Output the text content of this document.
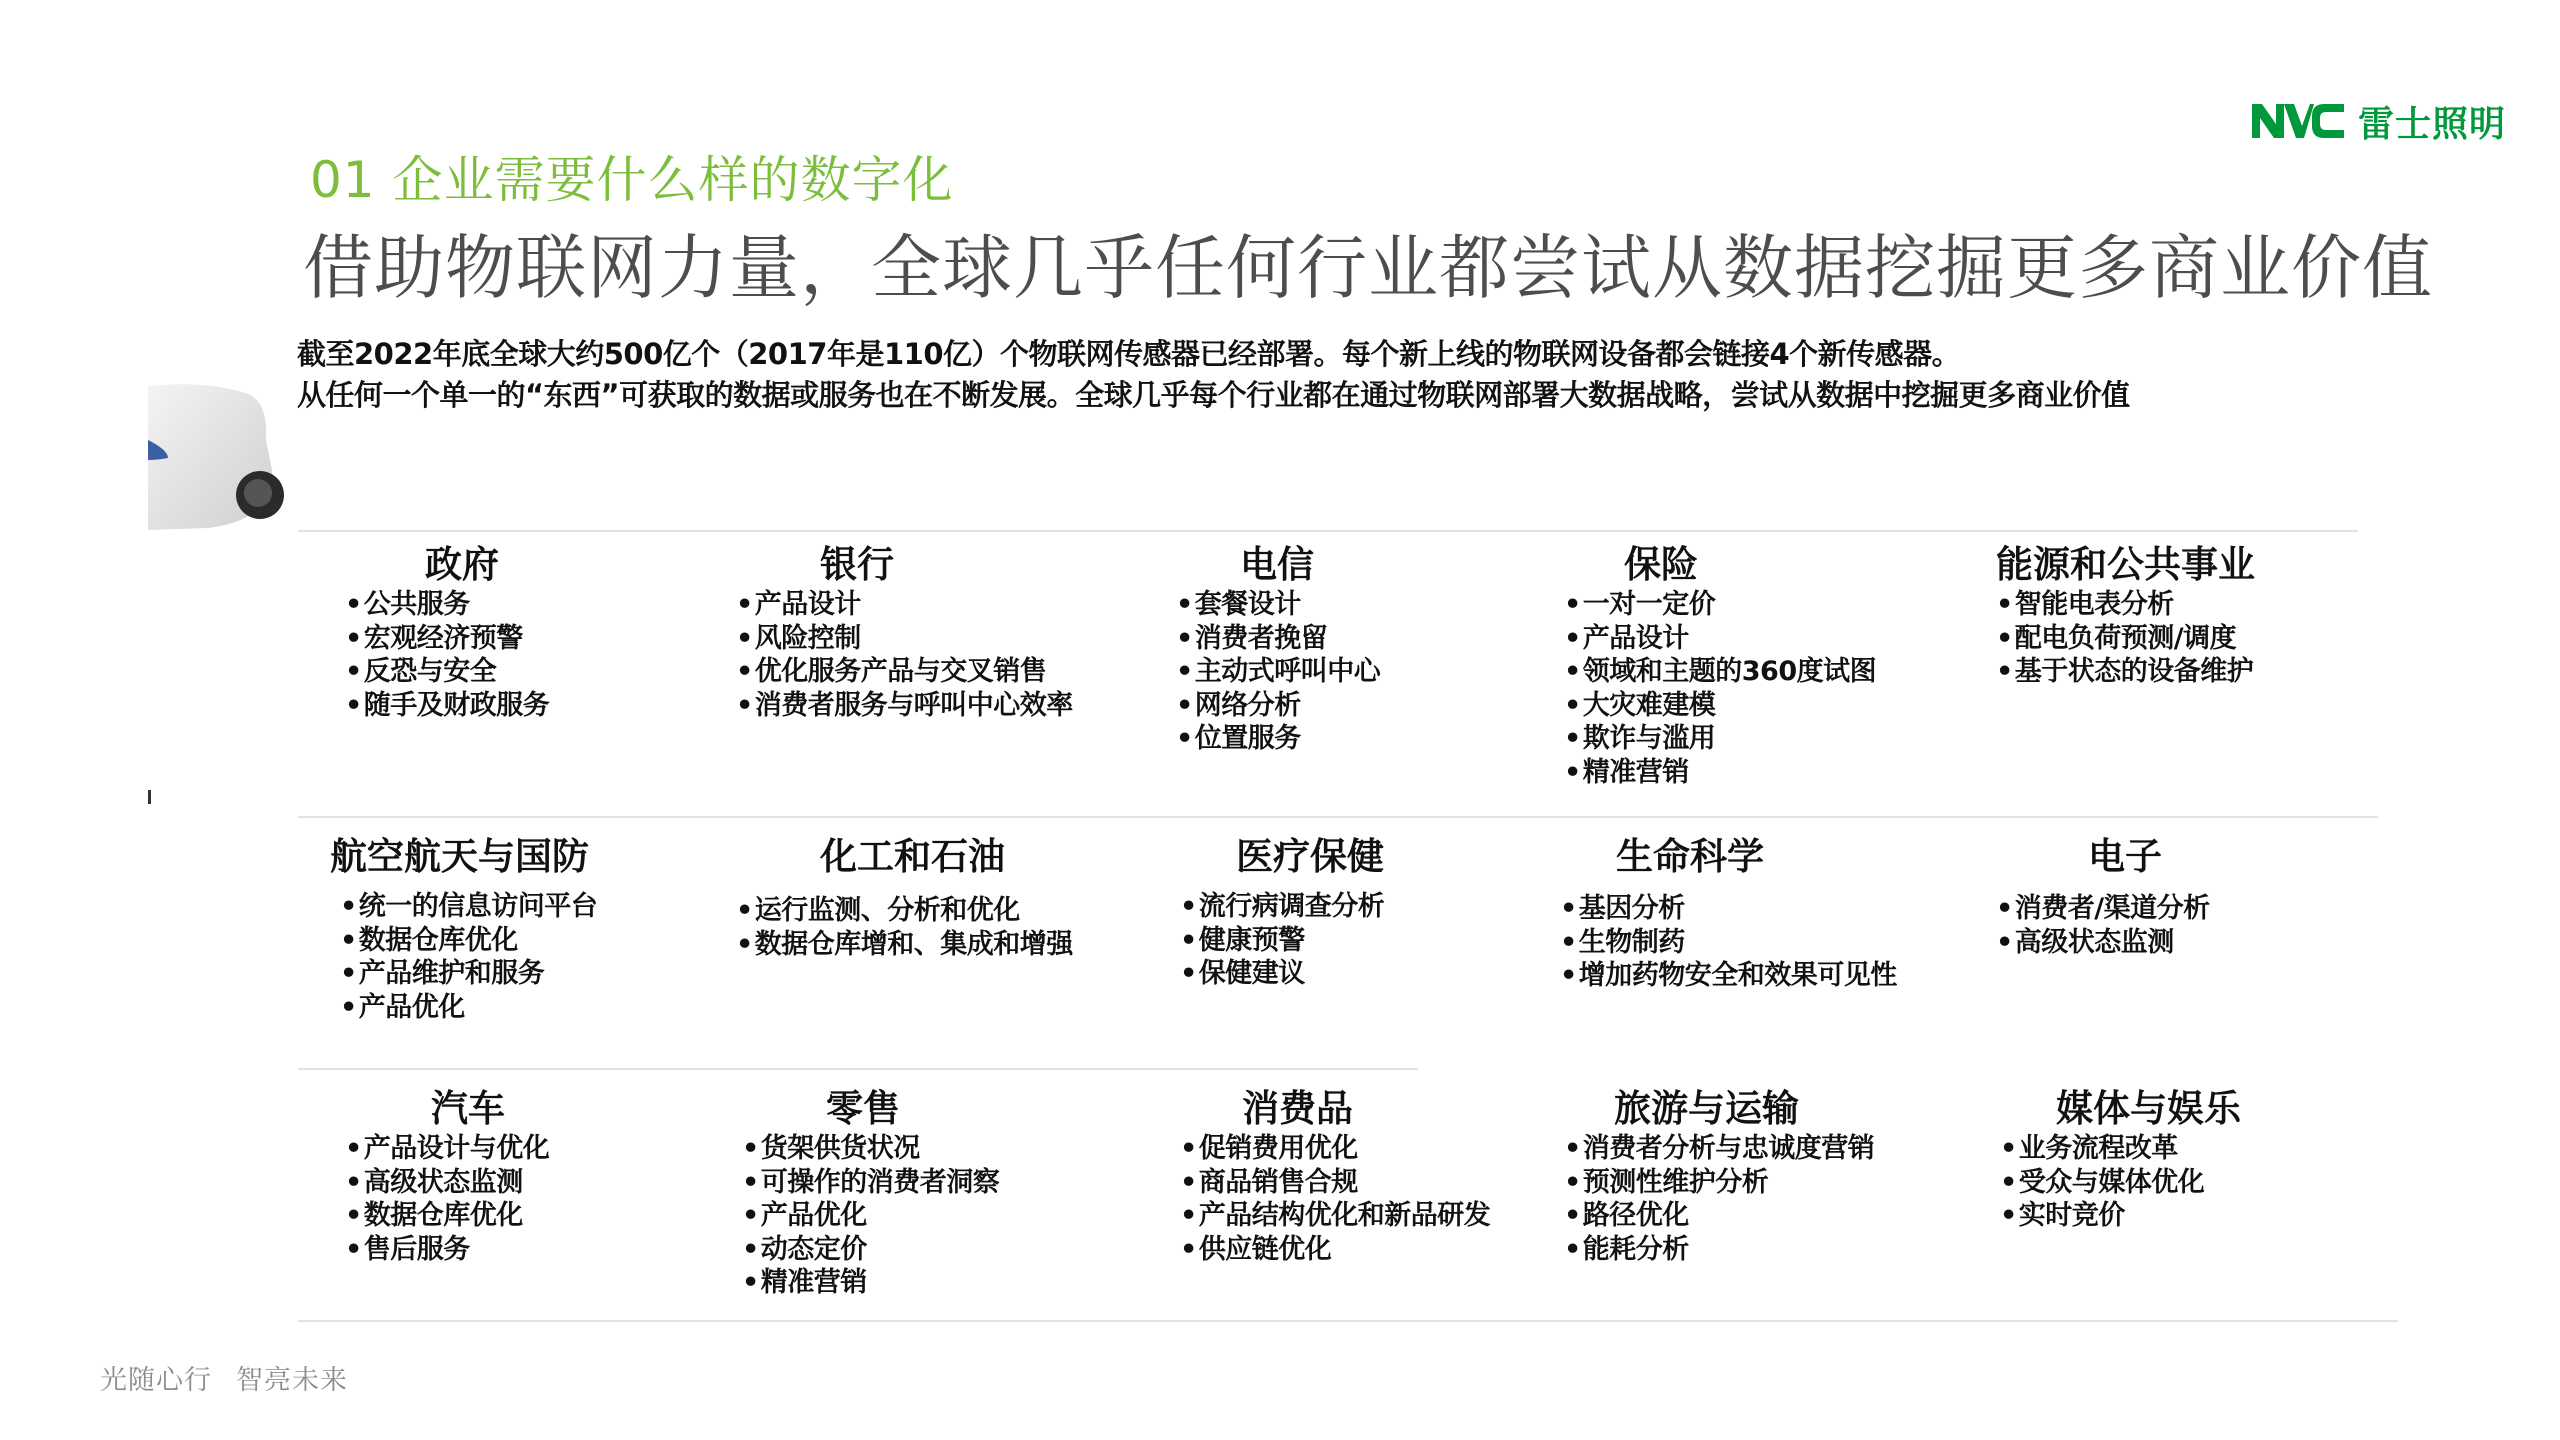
01 企业需要什么样的数字化
借助物联网力量，全球几乎任何行业都尝试从数据挖掘更多商业价值
雷士照明
截至2022年底全球大约500亿个（2017年是110亿）个物联网传感器已经部署。每个新上线的物联网设备都会链接4个新传感器。
从任何一个单一的“东西”可获取的数据或服务也在不断发展。全球几乎每个行业都在通过物联网部署大数据战略，尝试从数据中挖掘更多商业价值
政府
• 公共服务
• 宏观经济预警
• 反恐与安全
• 随手及财政服务
银行
• 产品设计
• 风险控制
• 优化服务产品与交叉销售
• 消费者服务与呼叫中心效率
电信
• 套餐设计
• 消费者挽留
• 主动式呼叫中心
• 网络分析
• 位置服务
保险
• 一对一定价
• 产品设计
• 领域和主题的360度试图
• 大灾难建模
• 欺诈与滥用
• 精准营销
能源和公共事业
• 智能电表分析
• 配电负荷预测/调度
• 基于状态的设备维护
航空航天与国防
• 统一的信息访问平台
• 数据仓库优化
• 产品维护和服务
• 产品优化
化工和石油
• 运行监测、分析和优化
• 数据仓库增和、集成和增强
医疗保健
• 流行病调查分析
• 健康预警
• 保健建议
生命科学
• 基因分析
• 生物制药
• 增加药物安全和效果可见性
电子
• 消费者/渠道分析
• 高级状态监测
汽车
• 产品设计与优化
• 高级状态监测
• 数据仓库优化
• 售后服务
零售
• 货架供货状况
• 可操作的消费者洞察
• 产品优化
• 动态定价
• 精准营销
消费品
• 促销费用优化
• 商品销售合规
• 产品结构优化和新品研发
• 供应链优化
旅游与运输
• 消费者分析与忠诚度营销
• 预测性维护分析
• 路径优化
• 能耗分析
媒体与娱乐
• 业务流程改革
• 受众与媒体优化
• 实时竞价
光随心行 智亮未来
